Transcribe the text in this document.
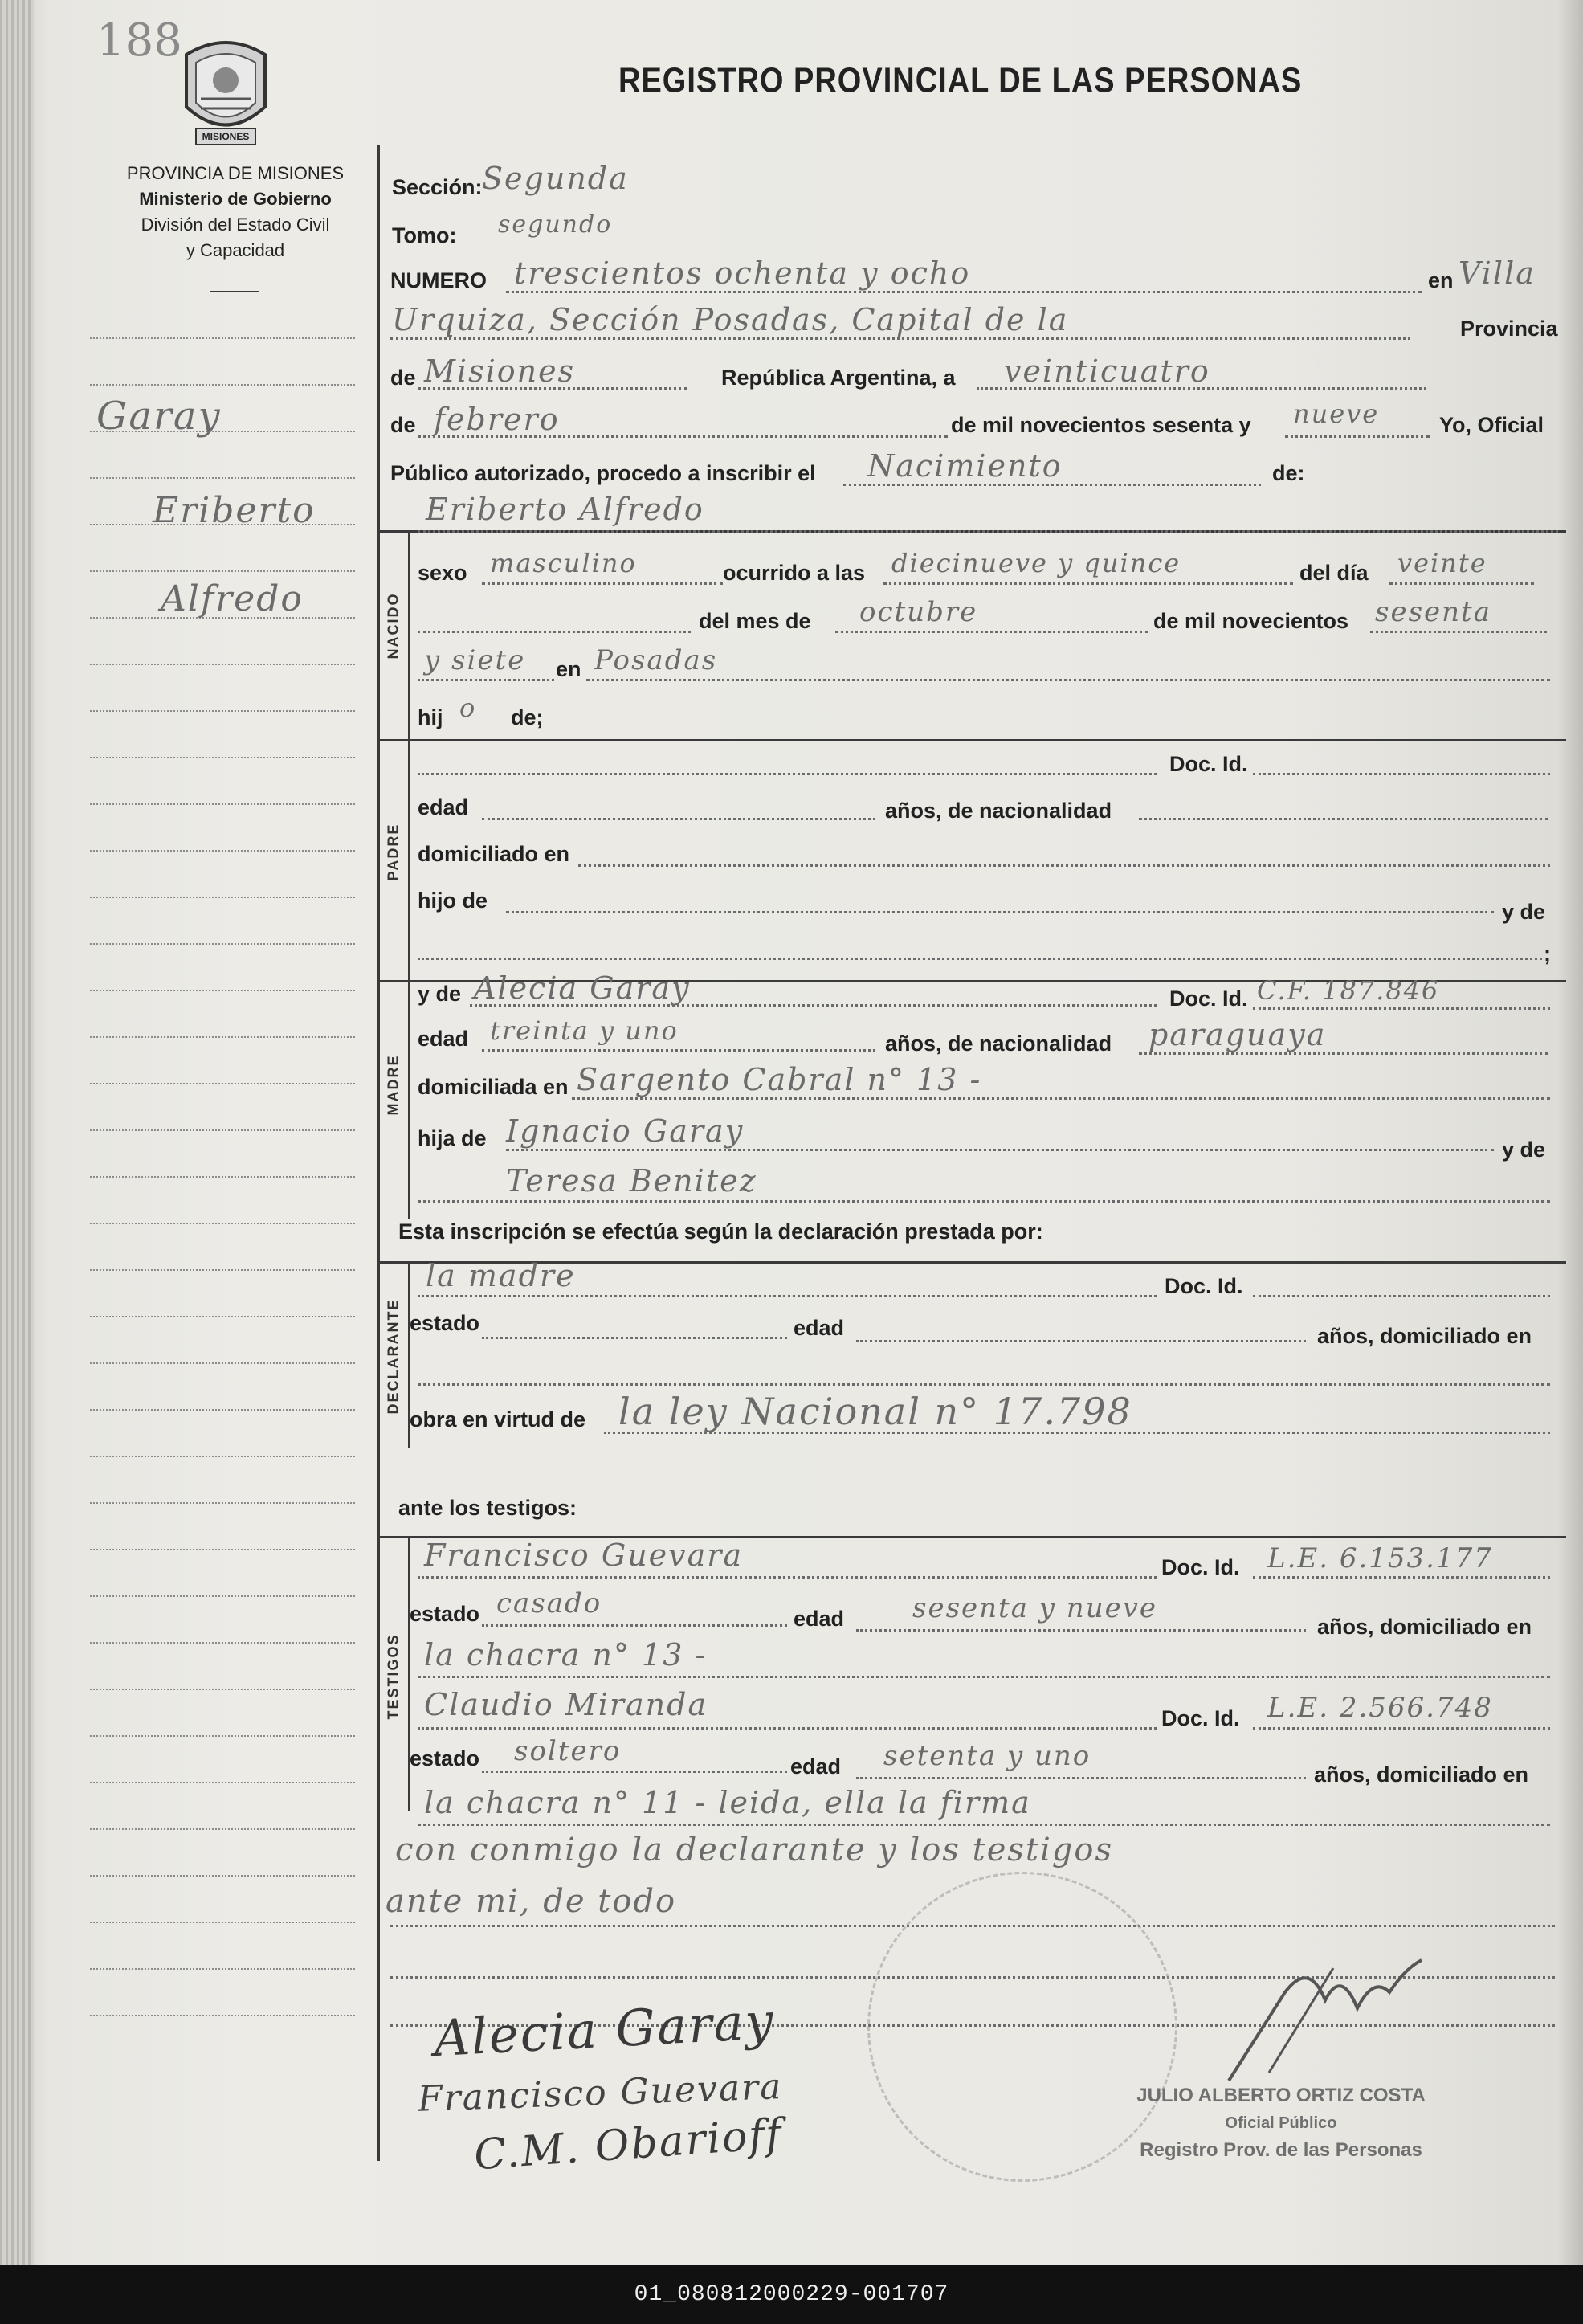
188
MISIONES
REGISTRO PROVINCIAL DE LAS PERSONAS
PROVINCIA DE MISIONES
Ministerio de Gobierno
División del Estado Civil
y Capacidad
Garay
Eriberto
Alfredo
Sección: Segunda
Tomo: segundo
NUMERO trescientos ochenta y ocho	en Villa
Urquiza, Sección Posadas, Capital de la	Provincia
de Misiones	República Argentina, a veinticuatro
de febrero	de mil novecientos sesenta y nueve	Yo, Oficial
Público autorizado, procedo a inscribir el Nacimiento	de:
NACIDO
Eriberto Alfredo
sexo masculino	ocurrido a las diecinueve y quince	del día veinte
del mes de octubre	de mil novecientos sesenta
y siete en Posadas
hij o de;
PADRE
Doc. Id.
edad	años, de nacionalidad
domiciliado en
hijo de	y de
;
MADRE
y de Alecia Garay	Doc. Id. C.F. 187.846
edad treinta y uno	años, de nacionalidad paraguaya
domiciliada en Sargento Cabral n° 13 -
hija de Ignacio Garay
y de
Teresa Benitez
Esta inscripción se efectúa según la declaración prestada por:
DECLARANTE
la madre	Doc. Id.
estado	edad	años, domiciliado en
obra en virtud de la ley Nacional n° 17.798
ante los testigos:
TESTIGOS
Francisco Guevara	Doc. Id. L.E. 6.153.177
estado casado	edad sesenta y nueve
años, domiciliado en
la chacra n° 13 -
Claudio Miranda	Doc. Id. L.E. 2.566.748
estado soltero	edad setenta y uno
años, domiciliado en
la chacra n° 11 - leida, ella la firma
con conmigo la declarante y los testigos
ante mi, de todo
Alecia Garay
Francisco Guevara
C.M. Obarioff
JULIO ALBERTO ORTIZ COSTA
Oficial Público
Registro Prov. de las Personas
01_080812000229-001707
